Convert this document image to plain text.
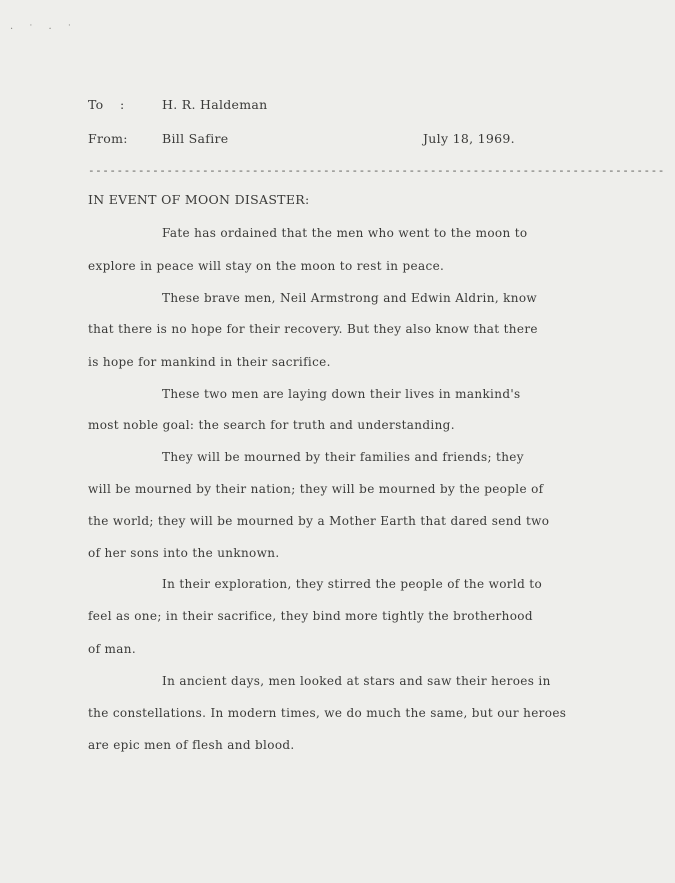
· ˙ · ˙
To :	H. R. Haldeman
From:	Bill Safire	July 18, 1969.
---------------------------------------------------------------------------------
IN EVENT OF MOON DISASTER:
Fate has ordained that the men who went to the moon to
explore in peace will stay on the moon to rest in peace.
These brave men, Neil Armstrong and Edwin Aldrin, know
that there is no hope for their recovery. But they also know that there
is hope for mankind in their sacrifice.
These two men are laying down their lives in mankind's
most noble goal: the search for truth and understanding.
They will be mourned by their families and friends; they
will be mourned by their nation; they will be mourned by the people of
the world; they will be mourned by a Mother Earth that dared send two
of her sons into the unknown.
In their exploration, they stirred the people of the world to
feel as one; in their sacrifice, they bind more tightly the brotherhood
of man.
In ancient days, men looked at stars and saw their heroes in
the constellations. In modern times, we do much the same, but our heroes
are epic men of flesh and blood.
